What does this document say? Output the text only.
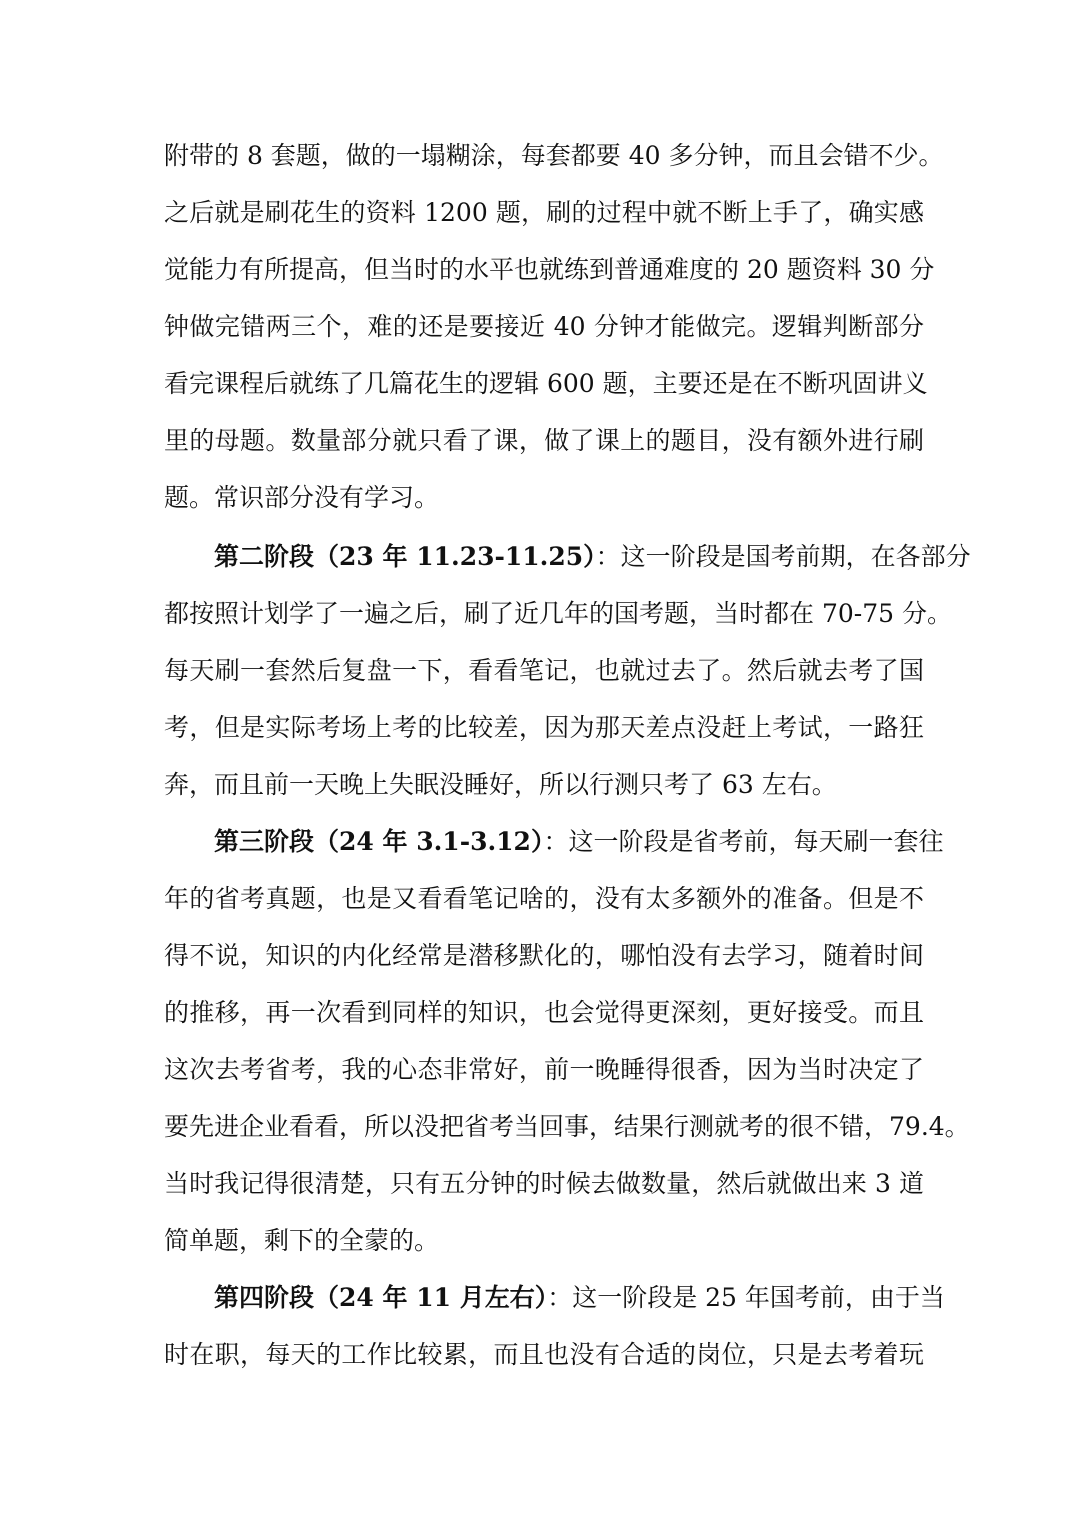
附带的 8 套题，做的一塌糊涂，每套都要 40 多分钟，而且会错不少。
之后就是刷花生的资料 1200 题，刷的过程中就不断上手了，确实感
觉能力有所提高，但当时的水平也就练到普通难度的 20 题资料 30 分
钟做完错两三个，难的还是要接近 40 分钟才能做完。逻辑判断部分
看完课程后就练了几篇花生的逻辑 600 题，主要还是在不断巩固讲义
里的母题。数量部分就只看了课，做了课上的题目，没有额外进行刷
题。常识部分没有学习。
第二阶段（23 年 11.23-11.25）：这一阶段是国考前期，在各部分
都按照计划学了一遍之后，刷了近几年的国考题，当时都在 70-75 分。
每天刷一套然后复盘一下，看看笔记，也就过去了。然后就去考了国
考，但是实际考场上考的比较差，因为那天差点没赶上考试，一路狂
奔，而且前一天晚上失眠没睡好，所以行测只考了 63 左右。
第三阶段（24 年 3.1-3.12）：这一阶段是省考前，每天刷一套往
年的省考真题，也是又看看笔记啥的，没有太多额外的准备。但是不
得不说，知识的内化经常是潜移默化的，哪怕没有去学习，随着时间
的推移，再一次看到同样的知识，也会觉得更深刻，更好接受。而且
这次去考省考，我的心态非常好，前一晚睡得很香，因为当时决定了
要先进企业看看，所以没把省考当回事，结果行测就考的很不错，79.4。
当时我记得很清楚，只有五分钟的时候去做数量，然后就做出来 3 道
简单题，剩下的全蒙的。
第四阶段（24 年 11 月左右）：这一阶段是 25 年国考前，由于当
时在职，每天的工作比较累，而且也没有合适的岗位，只是去考着玩
